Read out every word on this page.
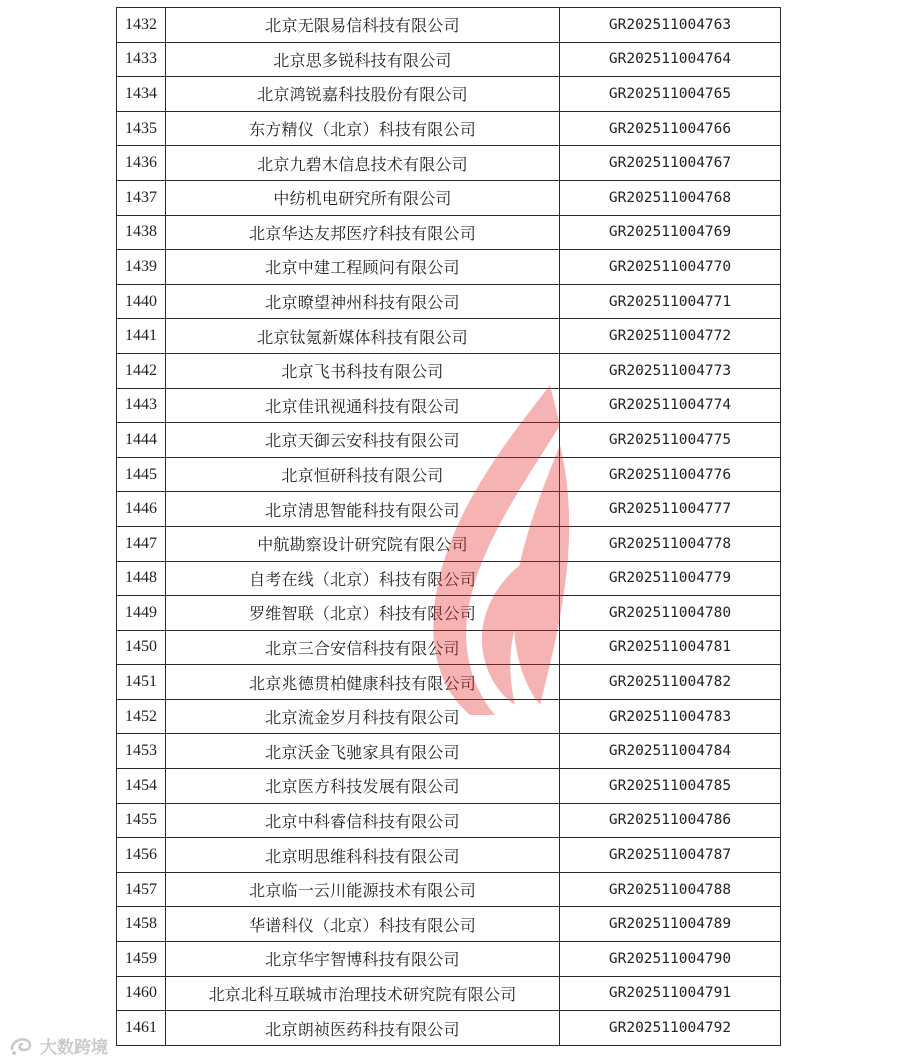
1432	北京无限易信科技有限公司	GR202511004763
1433	北京思多锐科技有限公司	GR202511004764
1434	北京鸿锐嘉科技股份有限公司	GR202511004765
1435	东方精仪（北京）科技有限公司	GR202511004766
1436	北京九碧木信息技术有限公司	GR202511004767
1437	中纺机电研究所有限公司	GR202511004768
1438	北京华达友邦医疗科技有限公司	GR202511004769
1439	北京中建工程顾问有限公司	GR202511004770
1440	北京暸望神州科技有限公司	GR202511004771
1441	北京钛氪新媒体科技有限公司	GR202511004772
1442	北京飞书科技有限公司	GR202511004773
1443	北京佳讯视通科技有限公司	GR202511004774
1444	北京天御云安科技有限公司	GR202511004775
1445	北京恒研科技有限公司	GR202511004776
1446	北京清思智能科技有限公司	GR202511004777
1447	中航勘察设计研究院有限公司	GR202511004778
1448	自考在线（北京）科技有限公司	GR202511004779
1449	罗维智联（北京）科技有限公司	GR202511004780
1450	北京三合安信科技有限公司	GR202511004781
1451	北京兆德贯柏健康科技有限公司	GR202511004782
1452	北京流金岁月科技有限公司	GR202511004783
1453	北京沃金飞驰家具有限公司	GR202511004784
1454	北京医方科技发展有限公司	GR202511004785
1455	北京中科睿信科技有限公司	GR202511004786
1456	北京明思维科科技有限公司	GR202511004787
1457	北京临一云川能源技术有限公司	GR202511004788
1458	华谱科仪（北京）科技有限公司	GR202511004789
1459	北京华宇智博科技有限公司	GR202511004790
1460	北京北科互联城市治理技术研究院有限公司	GR202511004791
1461	北京朗祯医药科技有限公司	GR202511004792
大数跨境
